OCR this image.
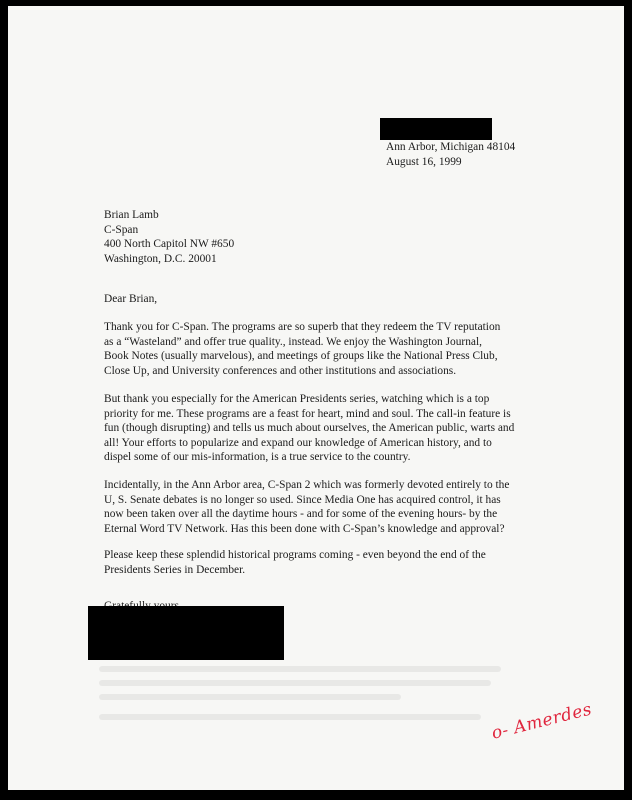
Ann Arbor, Michigan 48104
August 16, 1999
Brian Lamb
C-Span
400 North Capitol NW #650
Washington, D.C. 20001
Dear Brian,
Thank you for C-Span. The programs are so superb that they redeem the TV reputation
as a “Wasteland” and offer true quality., instead. We enjoy the Washington Journal,
Book Notes (usually marvelous), and meetings of groups like the National Press Club,
Close Up, and University conferences and other institutions and associations.
But thank you especially for the American Presidents series, watching which is a top
priority for me. These programs are a feast for heart, mind and soul. The call-in feature is
fun (though disrupting) and tells us much about ourselves, the American public, warts and
all! Your efforts to popularize and expand our knowledge of American history, and to
dispel some of our mis-information, is a true service to the country.
Incidentally, in the Ann Arbor area, C-Span 2 which was formerly devoted entirely to the
U, S. Senate debates is no longer so used. Since Media One has acquired control, it has
now been taken over all the daytime hours - and for some of the evening hours- by the
Eternal Word TV Network. Has this been done with C-Span’s knowledge and approval?
Please keep these splendid historical programs coming - even beyond the end of the
Presidents Series in December.
o- Amerdes
